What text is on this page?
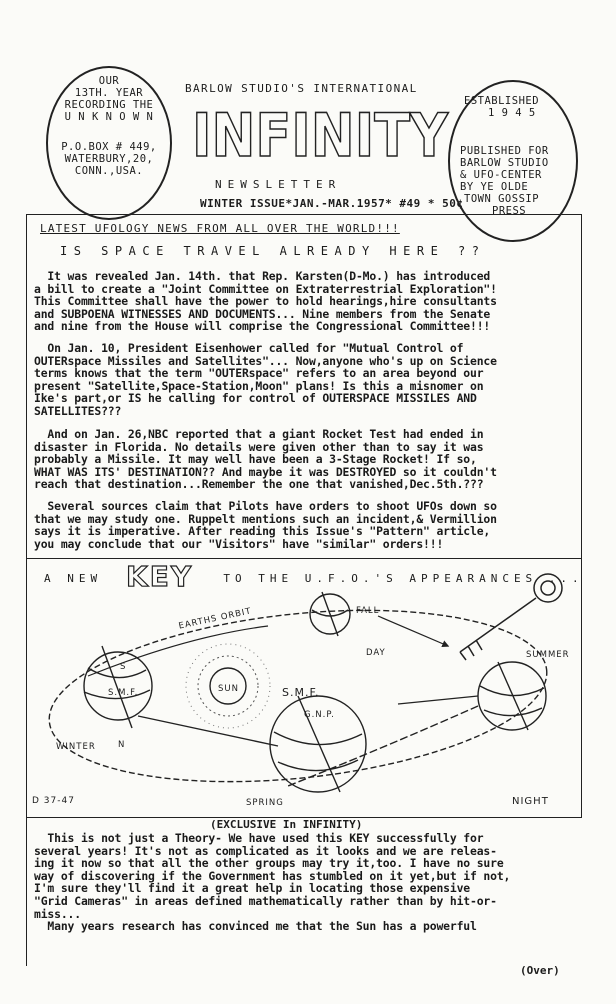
OUR
13TH. YEAR
RECORDING THE
U N K N O W N
P.O.BOX # 449,
WATERBURY,20,
CONN.,USA.
BARLOW STUDIO'S INTERNATIONAL
INFINITY
NEWSLETTER
WINTER ISSUE*JAN.-MAR.1957* #49 * 50¢
ESTABLISHED
1 9 4 5
PUBLISHED FOR
BARLOW STUDIO
& UFO-CENTER
BY YE OLDE
TOWN GOSSIP
PRESS
LATEST UFOLOGY NEWS FROM ALL OVER THE WORLD!!!
IS SPACE TRAVEL ALREADY HERE ??
It was revealed Jan. 14th. that Rep. Karsten(D-Mo.) has introduced
a bill to create a "Joint Committee on Extraterrestrial Exploration"!
This Committee shall have the power to hold hearings,hire consultants
and SUBPOENA WITNESSES AND DOCUMENTS... Nine members from the Senate
and nine from the House will comprise the Congressional Committee!!!
On Jan. 10, President Eisenhower called for "Mutual Control of
OUTERspace Missiles and Satellites"... Now,anyone who's up on Science
terms knows that the term "OUTERspace" refers to an area beyond our
present "Satellite,Space-Station,Moon" plans! Is this a misnomer on
Ike's part,or IS he calling for control of OUTERSPACE MISSILES AND
SATELLITES???
And on Jan. 26,NBC reported that a giant Rocket Test had ended in
disaster in Florida. No details were given other than to say it was
probably a Missile. It may well have been a 3-Stage Rocket! If so,
WHAT WAS ITS' DESTINATION?? And maybe it was DESTROYED so it couldn't
reach that destination...Remember the one that vanished,Dec.5th.???
Several sources claim that Pilots have orders to shoot UFOs down so
that we may study one. Ruppelt mentions such an incident,& Vermillion
says it is imperative. After reading this Issue's "Pattern" article,
you may conclude that our "Visitors" have "similar" orders!!!
A NEW	TO THE U.F.O.'S APPEARANCES ...
KEY
EARTHS ORBIT	FALL
DAY	SUMMER
S
S.M.F.	SUN	S.M.F.
G.N.P.
WINTER	N
SPRING	NIGHT
D 37-47
(EXCLUSIVE In INFINITY)
This is not just a Theory- We have used this KEY successfully for
several years! It's not as complicated as it looks and we are releas-
ing it now so that all the other groups may try it,too. I have no sure
way of discovering if the Government has stumbled on it yet,but if not,
I'm sure they'll find it a great help in locating those expensive
"Grid Cameras" in areas defined mathematically rather than by hit-or-
miss...
Many years research has convinced me that the Sun has a powerful
(Over)
